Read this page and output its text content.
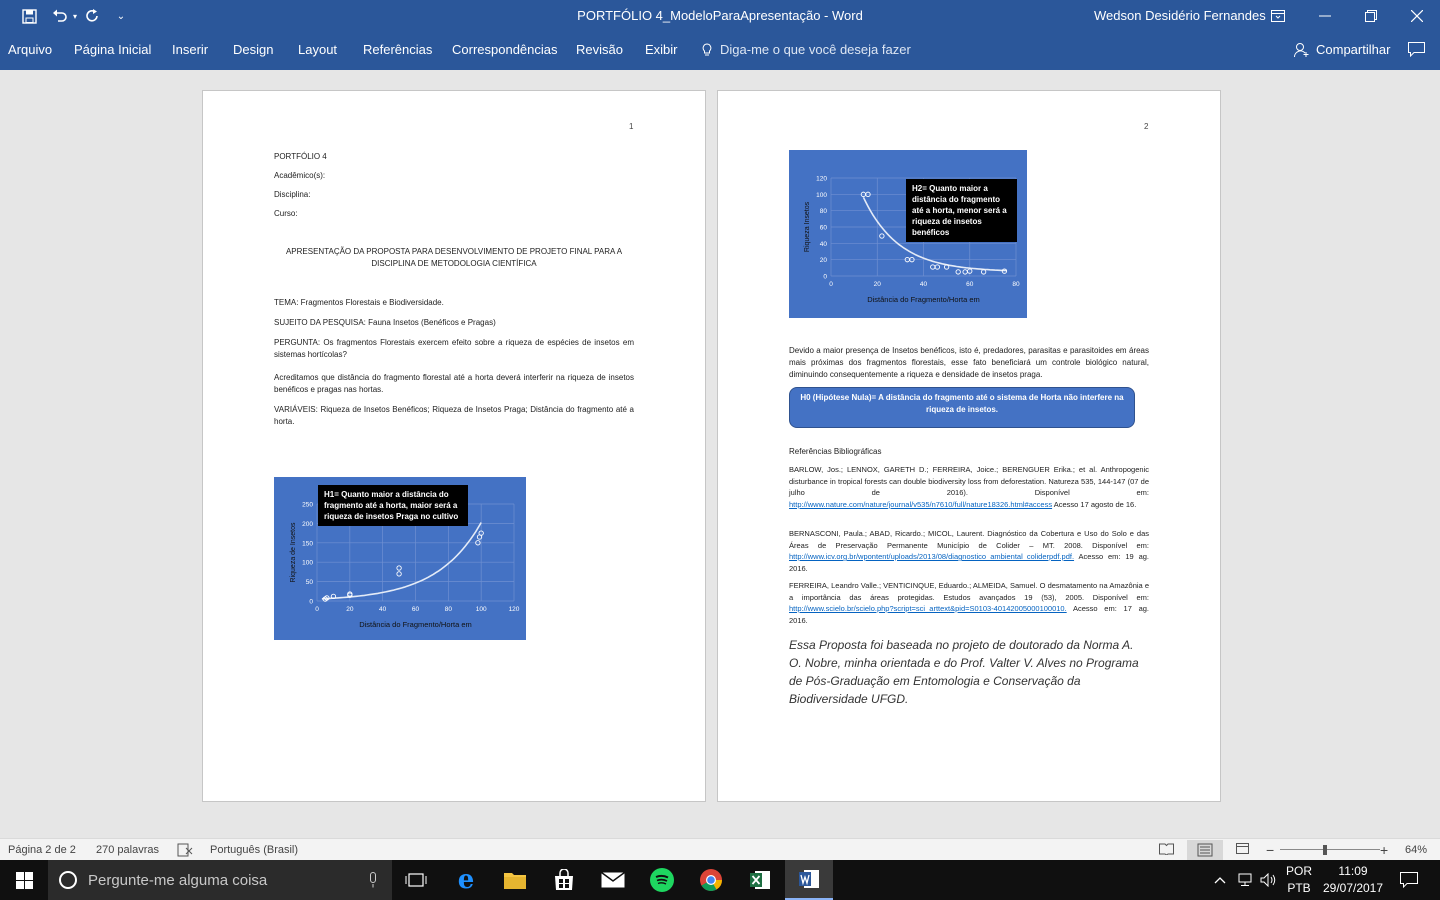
▾	⌄	PORTFÓLIO 4_ModeloParaApresentação - Word	Wedson Desidério Fernandes
Arquivo Página Inicial Inserir Design Layout Referências Correspondências Revisão Exibir	Diga-me o que você deseja fazer	Compartilhar
1
PORTFÓLIO 4
Acadêmico(s):
Disciplina:
Curso:
APRESENTAÇÃO DA PROPOSTA PARA DESENVOLVIMENTO DE PROJETO FINAL PARA A
DISCIPLINA DE METODOLOGIA CIENTÍFICA
TEMA: Fragmentos Florestais e Biodiversidade.
SUJEITO DA PESQUISA: Fauna Insetos (Benéficos e Pragas)
PERGUNTA: Os fragmentos Florestais exercem efeito sobre a riqueza de espécies de insetos em sistemas hortícolas?
Acreditamos que distância do fragmento florestal até a horta deverá interferir na riqueza de insetos benéficos e pragas nas hortas.
VARIÁVEIS: Riqueza de Insetos Benéficos; Riqueza de Insetos Praga; Distância do fragmento até a horta.
0
50
100
150
200
250
0	20	40	60	80	100	120
Distância do Fragmento/Horta em
Riqueza de Insetos
H1= Quanto maior a distância do fragmento até a horta, maior será a riqueza de insetos Praga no cultivo
2
0
20
40
60
80
100
120
0	20	40	60	80
Distância do Fragmento/Horta em
Riqueza Insetos
H2= Quanto maior a distância do fragmento até a horta, menor será a riqueza de insetos benéficos
Devido a maior presença de Insetos benéficos, isto é, predadores, parasitas e parasitoides em áreas mais próximas dos fragmentos florestais, esse fato beneficiará um controle biológico natural, diminuindo consequentemente a riqueza e densidade de insetos praga.
H0 (Hipótese Nula)= A distância do fragmento até o sistema de Horta não interfere na riqueza de insetos.
Referências Bibliográficas
BARLOW, Jos.; LENNOX, GARETH D.; FERREIRA, Joice.; BERENGUER Erika.; et al. Anthropogenic disturbance in tropical forests can double biodiversity loss from deforestation. Natureza 535, 144-147 (07 de julho de 2016). Disponível em: http://www.nature.com/nature/journal/v535/n7610/full/nature18326.html#access Acesso 17 agosto de 16.
BERNASCONI, Paula.; ABAD, Ricardo.; MICOL, Laurent. Diagnóstico da Cobertura e Uso do Solo e das Áreas de Preservação Permanente Município de Colider – MT. 2008. Disponível em: http://www.icv.org.br/wpontent/uploads/2013/08/diagnostico_ambiental_coliderpdf.pdf. Acesso em: 19 ag. 2016.
FERREIRA, Leandro Valle.; VENTICINQUE, Eduardo.; ALMEIDA, Samuel. O desmatamento na Amazônia e a importância das áreas protegidas. Estudos avançados 19 (53), 2005. Disponível em: http://www.scielo.br/scielo.php?script=sci_arttext&pid=S0103-40142005000100010. Acesso em: 17 ag. 2016.
Essa Proposta foi baseada no projeto de doutorado da Norma A. O. Nobre, minha orientada e do Prof. Valter V. Alves no Programa de Pós-Graduação em Entomologia e Conservação da Biodiversidade UFGD.
Página 2 de 2 270 palavras	Português (Brasil)	−	+ 64%
Pergunte-me alguma coisa	e	POR
PTB
11:09
29/07/2017
